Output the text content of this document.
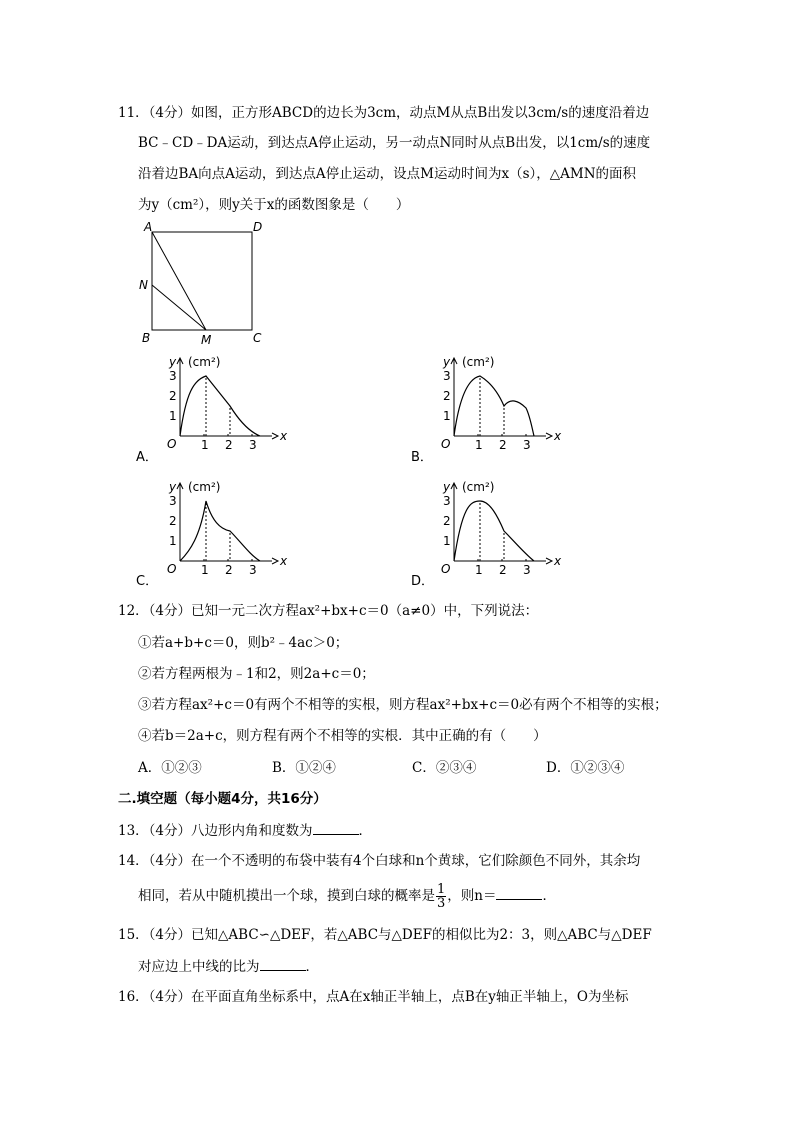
11．（4分）如图，正方形ABCD的边长为3cm，动点M从点B出发以3cm/s的速度沿着边
BC﹣CD﹣DA运动，到达点A停止运动，另一动点N同时从点B出发，以1cm/s的速度
沿着边BA向点A运动，到达点A停止运动，设点M运动时间为x（s），△AMN的面积
为y（cm²），则y关于x的函数图象是（　　）
A	D
N
B	M	C
y (cm²)
x
O
1
2
3
1 2 3
A．
y (cm²)
x
O
1
2
3
1 2 3
B．
y (cm²)
x
O
1
2
3
1 2 3
C．
y (cm²)
x
O
1
2
3
1 2 3
D．
12．（4分）已知一元二次方程ax²+bx+c＝0（a≠0）中，下列说法：
①若a+b+c＝0，则b²﹣4ac＞0；
②若方程两根为﹣1和2，则2a+c＝0；
③若方程ax²+c＝0有两个不相等的实根，则方程ax²+bx+c＝0必有两个不相等的实根；
④若b＝2a+c，则方程有两个不相等的实根．其中正确的有（　　）
A．①②③	B．①②④	C．②③④	D．①②③④
二.填空题（每小题4分，共16分）
13．（4分）八边形内角和度数为	．
14．（4分）在一个不透明的布袋中装有4个白球和n个黄球，它们除颜色不同外，其余均
相同，若从中随机摸出一个球，摸到白球的概率是 $\frac{1}{3}$ ，则n＝	．
15．（4分）已知△ABC∽△DEF，若△ABC与△DEF的相似比为2：3，则△ABC与△DEF
对应边上中线的比为	．
16．（4分）在平面直角坐标系中，点A在x轴正半轴上，点B在y轴正半轴上，O为坐标
